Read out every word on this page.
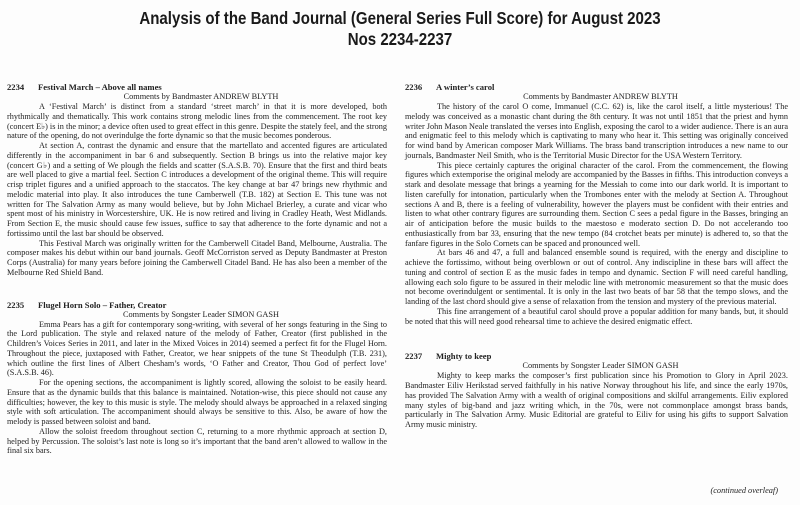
Analysis of the Band Journal (General Series Full Score) for August 2023
Nos 2234-2237
2234	Festival March – Above all names
Comments by Bandmaster ANDREW BLYTH

A ‘Festival March’ is distinct from a standard ‘street march’ in that it is more developed, both rhythmically and thematically. This work contains strong melodic lines from the commencement. The root key (concert E♭) is in the minor; a device often used to great effect in this genre. Despite the stately feel, and the strong nature of the opening, do not overindulge the forte dynamic so that the music becomes ponderous.

At section A, contrast the dynamic and ensure that the martellato and accented figures are articulated differently in the accompaniment in bar 6 and subsequently. Section B brings us into the relative major key (concert G♭) and a setting of We plough the fields and scatter (S.A.S.B. 70). Ensure that the first and third beats are well placed to give a martial feel. Section C introduces a development of the original theme. This will require crisp triplet figures and a unified approach to the staccatos. The key change at bar 47 brings new rhythmic and melodic material into play. It also introduces the tune Camberwell (T.B. 182) at Section E. This tune was not written for The Salvation Army as many would believe, but by John Michael Brierley, a curate and vicar who spent most of his ministry in Worcestershire, UK. He is now retired and living in Cradley Heath, West Midlands. From Section E, the music should cause few issues, suffice to say that adherence to the forte dynamic and not a fortissimo until the last bar should be observed.

This Festival March was originally written for the Camberwell Citadel Band, Melbourne, Australia. The composer makes his debut within our band journals. Geoff McCorriston served as Deputy Bandmaster at Preston Corps (Australia) for many years before joining the Camberwell Citadel Band. He has also been a member of the Melbourne Red Shield Band.

2235	Flugel Horn Solo – Father, Creator
Comments by Songster Leader SIMON GASH

Emma Pears has a gift for contemporary song-writing, with several of her songs featuring in the Sing to the Lord publication. The style and relaxed nature of the melody of Father, Creator (first published in the Children’s Voices Series in 2011, and later in the Mixed Voices in 2014) seemed a perfect fit for the Flugel Horn. Throughout the piece, juxtaposed with Father, Creator, we hear snippets of the tune St Theodulph (T.B. 231), which outline the first lines of Albert Chesham’s words, ‘O Father and Creator, Thou God of perfect love’ (S.A.S.B. 46).

For the opening sections, the accompaniment is lightly scored, allowing the soloist to be easily heard. Ensure that as the dynamic builds that this balance is maintained. Notation-wise, this piece should not cause any difficulties; however, the key to this music is style. The melody should always be approached in a relaxed singing style with soft articulation. The accompaniment should always be sensitive to this. Also, be aware of how the melody is passed between soloist and band.

Allow the soloist freedom throughout section C, returning to a more rhythmic approach at section D, helped by Percussion. The soloist’s last note is long so it’s important that the band aren’t allowed to wallow in the final six bars.

2236	A winter’s carol
Comments by Bandmaster ANDREW BLYTH

The history of the carol O come, Immanuel (C.C. 62) is, like the carol itself, a little mysterious! The melody was conceived as a monastic chant during the 8th century. It was not until 1851 that the priest and hymn writer John Mason Neale translated the verses into English, exposing the carol to a wider audience. There is an aura and enigmatic feel to this melody which is captivating to many who hear it. This setting was originally conceived for wind band by American composer Mark Williams. The brass band transcription introduces a new name to our journals, Bandmaster Neil Smith, who is the Territorial Music Director for the USA Western Territory.

This piece certainly captures the original character of the carol. From the commencement, the flowing figures which extemporise the original melody are accompanied by the Basses in fifths. This introduction conveys a stark and desolate message that brings a yearning for the Messiah to come into our dark world. It is important to listen carefully for intonation, particularly when the Trombones enter with the melody at Section A. Throughout sections A and B, there is a feeling of vulnerability, however the players must be confident with their entries and listen to what other contrary figures are surrounding them. Section C sees a pedal figure in the Basses, bringing an air of anticipation before the music builds to the maestoso e moderato section D. Do not accelerando too enthusiastically from bar 33, ensuring that the new tempo (84 crotchet beats per minute) is adhered to, so that the fanfare figures in the Solo Cornets can be spaced and pronounced well.

At bars 46 and 47, a full and balanced ensemble sound is required, with the energy and discipline to achieve the fortissimo, without being overblown or out of control. Any indiscipline in these bars will affect the tuning and control of section E as the music fades in tempo and dynamic. Section F will need careful handling, allowing each solo figure to be assured in their melodic line with metronomic measurement so that the music does not become overindulgent or sentimental. It is only in the last two beats of bar 58 that the tempo slows, and the landing of the last chord should give a sense of relaxation from the tension and mystery of the previous material.

This fine arrangement of a beautiful carol should prove a popular addition for many bands, but, it should be noted that this will need good rehearsal time to achieve the desired enigmatic effect.

2237	Mighty to keep
Comments by Songster Leader SIMON GASH

Mighty to keep marks the composer’s first publication since his Promotion to Glory in April 2023. Bandmaster Eiliv Herikstad served faithfully in his native Norway throughout his life, and since the early 1970s, has provided The Salvation Army with a wealth of original compositions and skilful arrangements. Eiliv explored many styles of big-band and jazz writing which, in the 70s, were not commonplace amongst brass bands, particularly in The Salvation Army. Music Editorial are grateful to Eiliv for using his gifts to support Salvation Army music ministry.

(continued overleaf)
